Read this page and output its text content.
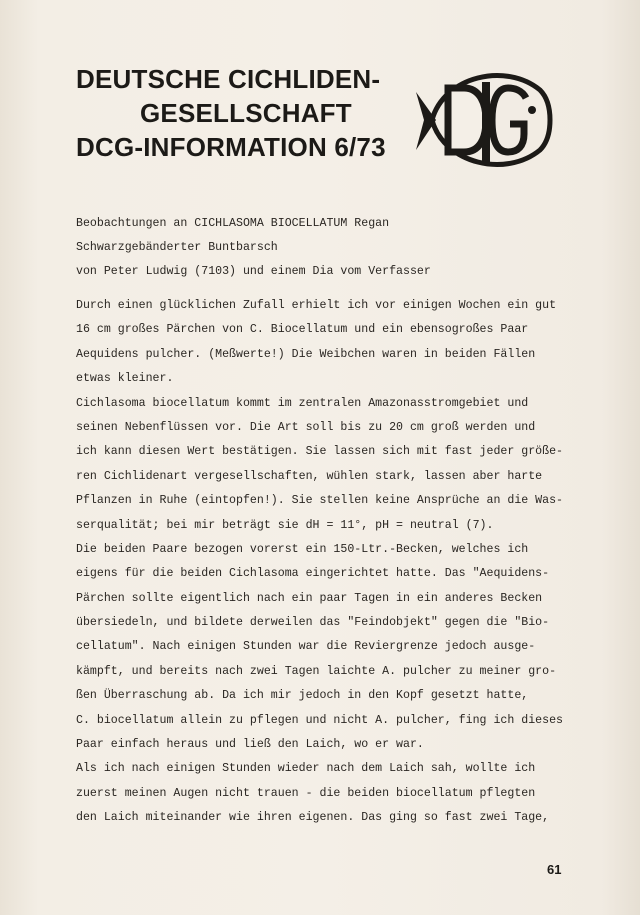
DEUTSCHE CICHLIDEN-
GESELLSCHAFT
DCG-INFORMATION 6/73

Beobachtungen an CICHLASOMA BIOCELLATUM Regan

Schwarzgebänderter Buntbarsch

von Peter Ludwig (7103) und einem Dia vom Verfasser

Durch einen glücklichen Zufall erhielt ich vor einigen Wochen ein gut

16 cm großes Pärchen von C. Biocellatum und ein ebensogroßes Paar

Aequidens pulcher. (Meßwerte!) Die Weibchen waren in beiden Fällen

etwas kleiner.

Cichlasoma biocellatum kommt im zentralen Amazonasstromgebiet und

seinen Nebenflüssen vor. Die Art soll bis zu 20 cm groß werden und

ich kann diesen Wert bestätigen. Sie lassen sich mit fast jeder größe-

ren Cichlidenart vergesellschaften, wühlen stark, lassen aber harte

Pflanzen in Ruhe (eintopfen!). Sie stellen keine Ansprüche an die Was-

serqualität; bei mir beträgt sie dH = 11°, pH = neutral (7).

Die beiden Paare bezogen vorerst ein 150-Ltr.-Becken, welches ich

eigens für die beiden Cichlasoma eingerichtet hatte. Das "Aequidens-

Pärchen sollte eigentlich nach ein paar Tagen in ein anderes Becken

übersiedeln, und bildete derweilen das "Feindobjekt" gegen die "Bio-

cellatum". Nach einigen Stunden war die Reviergrenze jedoch ausge-

kämpft, und bereits nach zwei Tagen laichte A. pulcher zu meiner gro-

ßen Überraschung ab. Da ich mir jedoch in den Kopf gesetzt hatte,

C. biocellatum allein zu pflegen und nicht A. pulcher, fing ich dieses

Paar einfach heraus und ließ den Laich, wo er war.

Als ich nach einigen Stunden wieder nach dem Laich sah, wollte ich

zuerst meinen Augen nicht trauen - die beiden biocellatum pflegten

den Laich miteinander wie ihren eigenen. Das ging so fast zwei Tage,

61
